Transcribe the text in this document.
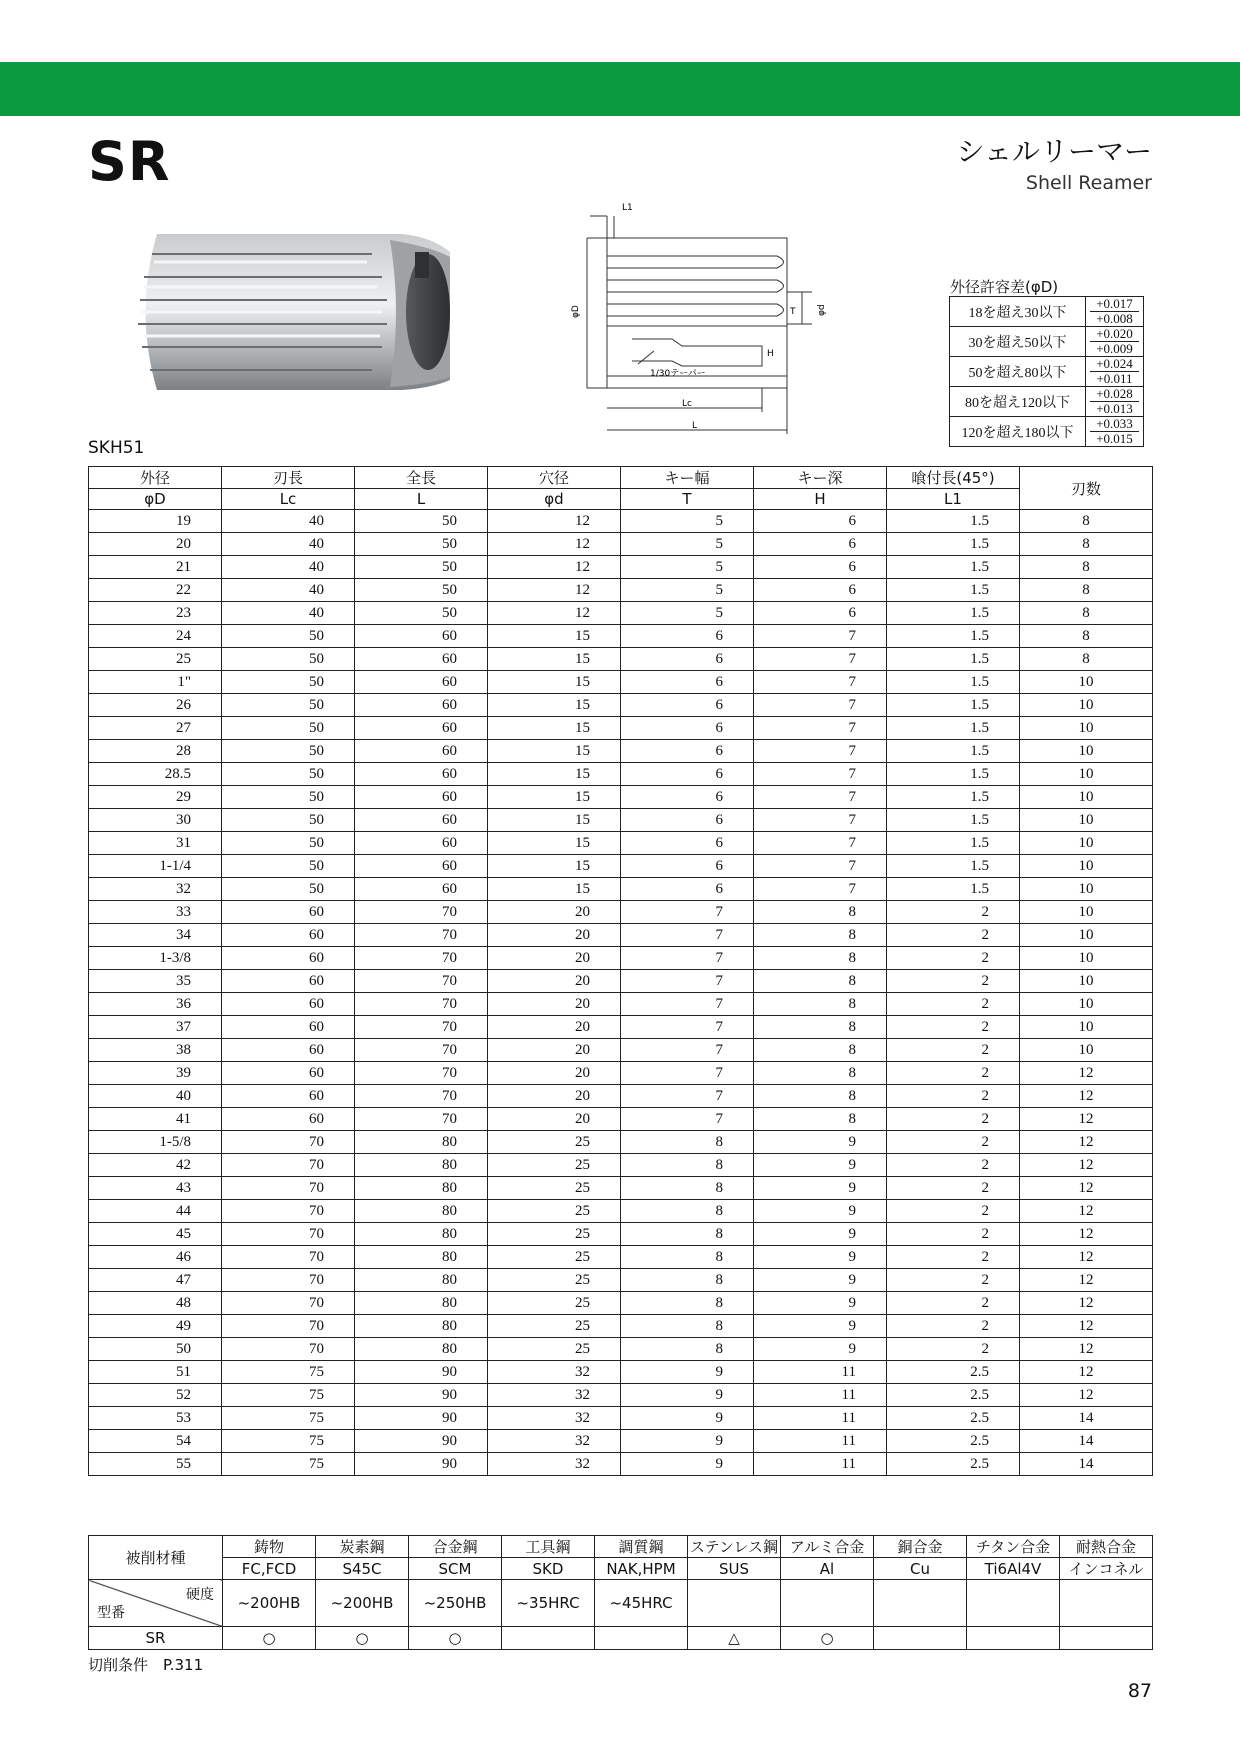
SR	シェルリーマー
Shell Reamer
L1
φD	φd
T
H
1/30テーパー
Lc
L
外径許容差(φD)
18を超え30以下	+0.017
+0.008

30を超え50以下	+0.020
+0.009

50を超え80以下	+0.024
+0.011

80を超え120以下	+0.028
+0.013

120を超え180以下	+0.033
+0.015
SKH51
外径	刃長	全長	穴径	キー幅	キー深	喰付長(45°)	刃数
φD	Lc	L	φd	T	H	L1	
19	40	50	12	5	6	1.5	8
20	40	50	12	5	6	1.5	8
21	40	50	12	5	6	1.5	8
22	40	50	12	5	6	1.5	8
23	40	50	12	5	6	1.5	8
24	50	60	15	6	7	1.5	8
25	50	60	15	6	7	1.5	8
1"	50	60	15	6	7	1.5	10
26	50	60	15	6	7	1.5	10
27	50	60	15	6	7	1.5	10
28	50	60	15	6	7	1.5	10
28.5	50	60	15	6	7	1.5	10
29	50	60	15	6	7	1.5	10
30	50	60	15	6	7	1.5	10
31	50	60	15	6	7	1.5	10
1-1/4	50	60	15	6	7	1.5	10
32	50	60	15	6	7	1.5	10
33	60	70	20	7	8	2	10
34	60	70	20	7	8	2	10
1-3/8	60	70	20	7	8	2	10
35	60	70	20	7	8	2	10
36	60	70	20	7	8	2	10
37	60	70	20	7	8	2	10
38	60	70	20	7	8	2	10
39	60	70	20	7	8	2	12
40	60	70	20	7	8	2	12
41	60	70	20	7	8	2	12
1-5/8	70	80	25	8	9	2	12
42	70	80	25	8	9	2	12
43	70	80	25	8	9	2	12
44	70	80	25	8	9	2	12
45	70	80	25	8	9	2	12
46	70	80	25	8	9	2	12
47	70	80	25	8	9	2	12
48	70	80	25	8	9	2	12
49	70	80	25	8	9	2	12
50	70	80	25	8	9	2	12
51	75	90	32	9	11	2.5	12
52	75	90	32	9	11	2.5	12
53	75	90	32	9	11	2.5	14
54	75	90	32	9	11	2.5	14
55	75	90	32	9	11	2.5	14
被削材種	鋳物	炭素鋼	合金鋼	工具鋼	調質鋼	ステンレス鋼	アルミ合金	銅合金	チタン合金	耐熱合金
	FC,FCD	S45C	SCM	SKD	NAK,HPM	SUS	Al	Cu	Ti6Al4V	インコネル

硬度
型番	~200HB	~200HB	~250HB	~35HRC	~45HRC					
SR	○	○	○			△	○			
切削条件　P.311
87
